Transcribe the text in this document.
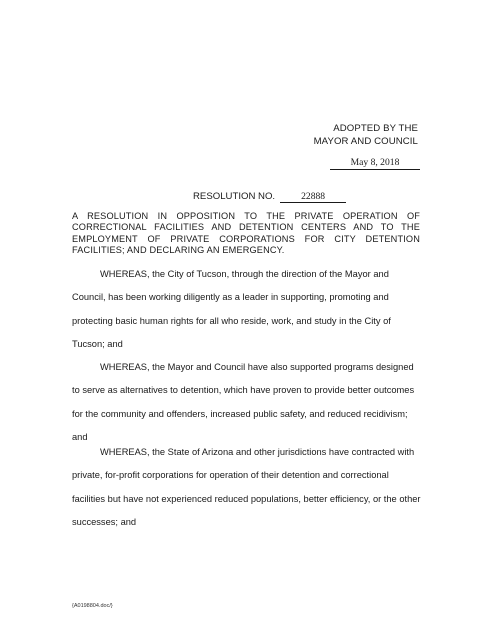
ADOPTED BY THE
MAYOR AND COUNCIL
May 8, 2018
RESOLUTION NO.	22888
A RESOLUTION IN OPPOSITION TO THE PRIVATE OPERATION OF CORRECTIONAL FACILITIES AND DETENTION CENTERS AND TO THE EMPLOYMENT OF PRIVATE CORPORATIONS FOR CITY DETENTION FACILITIES; AND DECLARING AN EMERGENCY.

WHEREAS, the City of Tucson, through the direction of the Mayor and Council, has been working diligently as a leader in supporting, promoting and protecting basic human rights for all who reside, work, and study in the City of Tucson; and

WHEREAS, the Mayor and Council have also supported programs designed to serve as alternatives to detention, which have proven to provide better outcomes for the community and offenders, increased public safety, and reduced recidivism; and

WHEREAS, the State of Arizona and other jurisdictions have contracted with private, for-profit corporations for operation of their detention and correctional facilities but have not experienced reduced populations, better efficiency, or the other successes; and

{A0198804.doc/}
